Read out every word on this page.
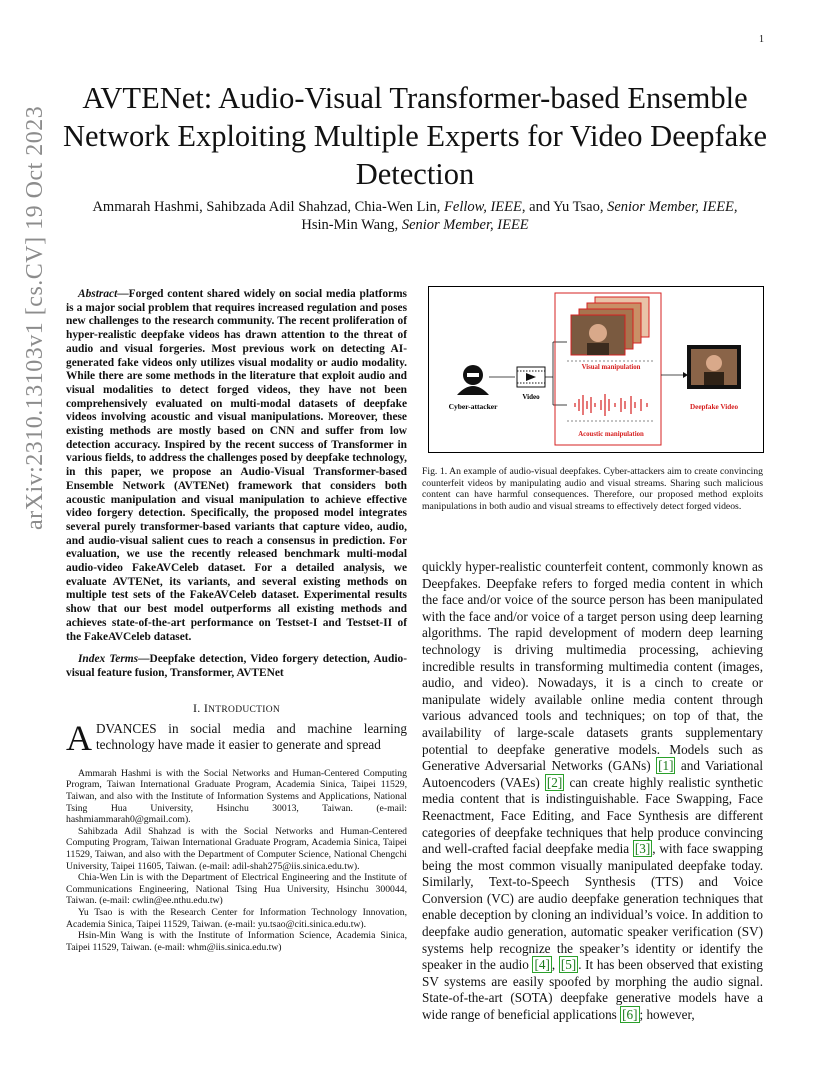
1
arXiv:2310.13103v1 [cs.CV] 19 Oct 2023
AVTENet: Audio-Visual Transformer-based Ensemble Network Exploiting Multiple Experts for Video Deepfake Detection
Ammarah Hashmi, Sahibzada Adil Shahzad, Chia-Wen Lin, Fellow, IEEE, and Yu Tsao, Senior Member, IEEE,
Hsin-Min Wang, Senior Member, IEEE

Abstract—Forged content shared widely on social media platforms is a major social problem that requires increased regulation and poses new challenges to the research community. The recent proliferation of hyper-realistic deepfake videos has drawn attention to the threat of audio and visual forgeries. Most previous work on detecting AI-generated fake videos only utilizes visual modality or audio modality. While there are some methods in the literature that exploit audio and visual modalities to detect forged videos, they have not been comprehensively evaluated on multi-modal datasets of deepfake videos involving acoustic and visual manipulations. Moreover, these existing methods are mostly based on CNN and suffer from low detection accuracy. Inspired by the recent success of Transformer in various fields, to address the challenges posed by deepfake technology, in this paper, we propose an Audio-Visual Transformer-based Ensemble Network (AVTENet) framework that considers both acoustic manipulation and visual manipulation to achieve effective video forgery detection. Specifically, the proposed model integrates several purely transformer-based variants that capture video, audio, and audio-visual salient cues to reach a consensus in prediction. For evaluation, we use the recently released benchmark multi-modal audio-video FakeAVCeleb dataset. For a detailed analysis, we evaluate AVTENet, its variants, and several existing methods on multiple test sets of the FakeAVCeleb dataset. Experimental results show that our best model outperforms all existing methods and achieves state-of-the-art performance on Testset-I and Testset-II of the FakeAVCeleb dataset.

Index Terms—Deepfake detection, Video forgery detection, Audio-visual feature fusion, Transformer, AVTENet

I. INTRODUCTION

ADVANCES in social media and machine learning technology have made it easier to generate and spread

Ammarah Hashmi is with the Social Networks and Human-Centered Computing Program, Taiwan International Graduate Program, Academia Sinica, Taipei 11529, Taiwan, and also with the Institute of Information Systems and Applications, National Tsing Hua University, Hsinchu 30013, Taiwan. (e-mail: hashmiammarah0@gmail.com).

Sahibzada Adil Shahzad is with the Social Networks and Human-Centered Computing Program, Taiwan International Graduate Program, Academia Sinica, Taipei 11529, Taiwan, and also with the Department of Computer Science, National Chengchi University, Taipei 11605, Taiwan. (e-mail: adil-shah275@iis.sinica.edu.tw).

Chia-Wen Lin is with the Department of Electrical Engineering and the Institute of Communications Engineering, National Tsing Hua University, Hsinchu 300044, Taiwan. (e-mail: cwlin@ee.nthu.edu.tw)

Yu Tsao is with the Research Center for Information Technology Innovation, Academia Sinica, Taipei 11529, Taiwan. (e-mail: yu.tsao@citi.sinica.edu.tw).

Hsin-Min Wang is with the Institute of Information Science, Academia Sinica, Taipei 11529, Taiwan. (e-mail: whm@iis.sinica.edu.tw)

Cyber-attacker
Video
Visual manipulation
Acoustic manipulation
Deepfake Video

Fig. 1. An example of audio-visual deepfakes. Cyber-attackers aim to create convincing counterfeit videos by manipulating audio and visual streams. Sharing such malicious content can have harmful consequences. Therefore, our proposed method exploits manipulations in both audio and visual streams to effectively detect forged videos.

quickly hyper-realistic counterfeit content, commonly known as Deepfakes. Deepfake refers to forged media content in which the face and/or voice of the source person has been manipulated with the face and/or voice of a target person using deep learning algorithms. The rapid development of modern deep learning technology is driving multimedia processing, achieving incredible results in transforming multimedia content (images, audio, and video). Nowadays, it is a cinch to create or manipulate widely available online media content through various advanced tools and techniques; on top of that, the availability of large-scale datasets grants supplementary potential to deepfake generative models. Models such as Generative Adversarial Networks (GANs) [1] and Variational Autoencoders (VAEs) [2] can create highly realistic synthetic media content that is indistinguishable. Face Swapping, Face Reenactment, Face Editing, and Face Synthesis are different categories of deepfake techniques that help produce convincing and well-crafted facial deepfake media [3] , with face swapping being the most common visually manipulated deepfake today. Similarly, Text-to-Speech Synthesis (TTS) and Voice Conversion (VC) are audio deepfake generation techniques that enable deception by cloning an individual’s voice. In addition to deepfake audio generation, automatic speaker verification (SV) systems help recognize the speaker’s identity or identify the speaker in the audio [4] , [5] . It has been observed that existing SV systems are easily spoofed by morphing the audio signal. State-of-the-art (SOTA) deepfake generative models have a wide range of beneficial applications [6] ; however,
